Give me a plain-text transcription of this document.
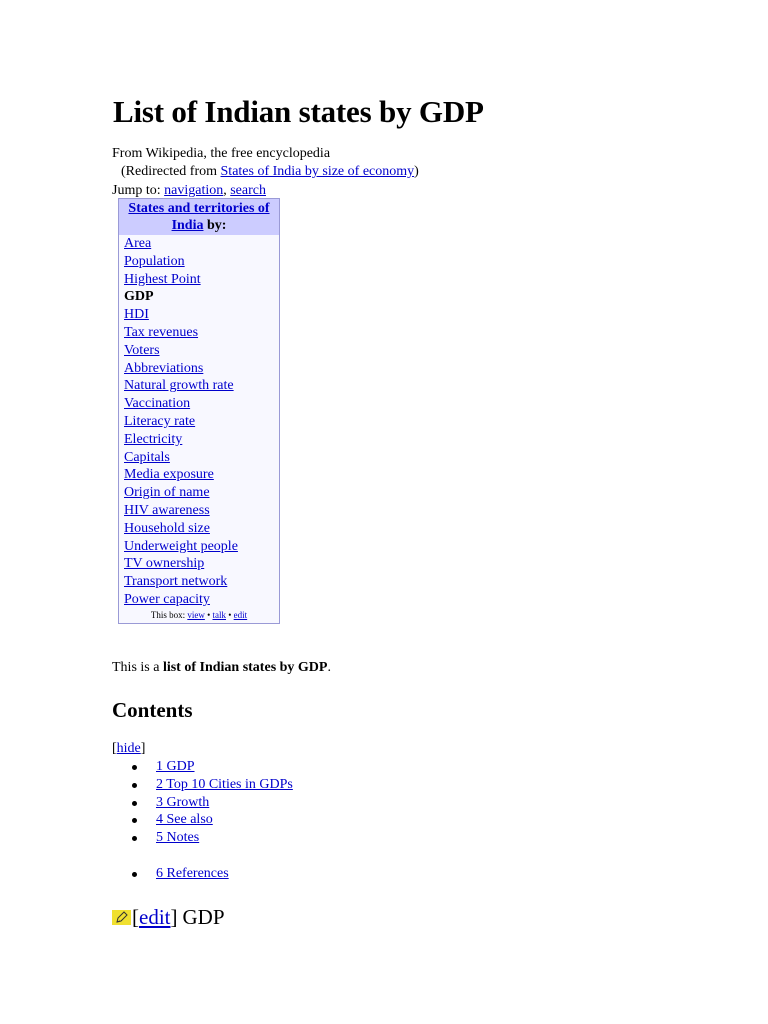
List of Indian states by GDP
From Wikipedia, the free encyclopedia
(Redirected from States of India by size of economy)
Jump to: navigation, search
States and territories of India by:
Area
Population
Highest Point
GDP
HDI
Tax revenues
Voters
Abbreviations
Natural growth rate
Vaccination
Literacy rate
Electricity
Capitals
Media exposure
Origin of name
HIV awareness
Household size
Underweight people
TV ownership
Transport network
Power capacity
This box: view • talk • edit
This is a list of Indian states by GDP.
Contents
[hide]
1 GDP
2 Top 10 Cities in GDPs
3 Growth
4 See also
5 Notes
6 References
[edit] GDP
